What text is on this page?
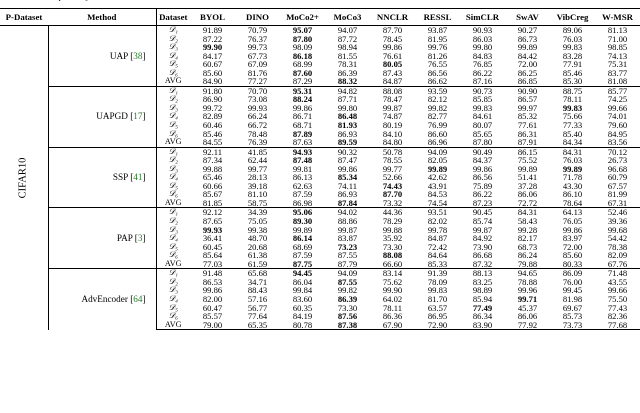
P-Dataset	Method	Dataset	BYOL	DINO	MoCo2+	MoCo3	NNCLR	RESSL	SimCLR	SwAV	VibCreg	W-MSR

CIFAR10	UAP [38]	𝒟₁	91.89	70.79	95.07	94.07	87.70	93.87	90.93	90.27	89.06	81.13
		𝒟₂	87.22	76.37	87.80	87.72	78.45	81.95	86.03	86.73	76.03	71.00
		𝒟₃	99.90	99.73	98.09	98.94	99.86	99.76	99.80	99.89	99.83	98.85
		𝒟₄	84.17	67.73	86.18	81.55	76.61	81.26	84.83	84.42	83.28	74.13
		𝒟₅	60.67	67.09	68.99	78.31	80.05	76.55	76.85	72.00	77.91	75.31
		𝒟₆	85.60	81.76	87.60	86.39	87.43	86.56	86.22	86.25	85.46	83.77
		AVG	84.90	77.27	87.29	88.32	84.87	86.62	87.16	86.85	85.30	81.08
	UAPGD [17]	𝒟₁	91.80	70.70	95.31	94.82	88.08	93.59	90.73	90.90	88.75	85.77
		𝒟₂	86.90	73.08	88.24	87.71	78.47	82.12	85.85	86.57	78.11	74.25
		𝒟₃	99.72	99.93	99.86	99.80	99.87	99.82	99.83	99.97	99.83	99.66
		𝒟₄	82.89	66.24	86.71	86.48	74.87	82.77	84.61	85.32	75.66	74.01
		𝒟₅	60.46	66.72	68.71	81.93	80.19	76.99	80.07	77.61	77.33	79.60
		𝒟₆	85.46	78.48	87.89	86.93	84.10	86.60	85.65	86.31	85.40	84.95
		AVG	84.55	76.39	87.63	89.59	84.80	86.96	87.80	87.91	84.34	83.56
	SSP [41]	𝒟₁	92.11	41.85	94.93	90.32	50.78	94.09	90.49	86.15	84.31	70.12
		𝒟₂	87.34	62.44	87.48	87.47	78.55	82.05	84.37	75.52	76.03	26.73
		𝒟₃	99.88	99.77	99.81	99.86	99.77	99.89	99.86	99.89	99.89	96.68
		𝒟₄	65.46	28.13	86.13	85.34	52.66	42.62	86.56	51.41	71.78	60.79
		𝒟₅	60.66	39.18	62.63	74.11	74.43	43.91	75.89	37.28	43.30	67.57
		𝒟₆	85.67	81.10	87.59	86.93	87.70	84.53	86.22	86.06	86.10	81.99
		AVG	81.85	58.75	86.98	87.84	73.32	74.54	87.23	72.72	78.64	67.31
	PAP [3]	𝒟₁	92.12	34.39	95.06	94.02	44.36	93.51	90.45	84.31	64.13	52.46
		𝒟₂	87.65	75.05	89.30	88.86	78.29	82.02	85.74	58.43	76.05	39.36
		𝒟₃	99.93	99.38	99.89	99.87	99.88	99.78	99.87	99.28	99.86	99.68
		𝒟₄	36.41	48.70	86.14	83.87	35.92	84.87	84.92	82.17	83.97	54.42
		𝒟₅	60.45	20.68	68.69	73.23	73.30	72.42	73.90	68.73	72.00	78.38
		𝒟₆	85.64	61.38	87.59	87.55	88.08	84.64	86.68	86.24	85.60	82.09
		AVG	77.03	61.59	87.75	87.79	66.60	85.33	87.32	79.88	80.33	67.76
	AdvEncoder [64]	𝒟₁	91.48	65.68	94.45	94.09	83.14	91.39	88.13	94.65	86.09	71.48
		𝒟₂	86.53	34.71	86.04	87.55	75.62	78.09	83.25	78.88	76.00	43.55
		𝒟₃	99.86	88.43	99.84	99.82	99.90	99.83	98.89	99.96	99.45	99.66
		𝒟₄	82.00	57.16	83.60	86.39	64.02	81.70	85.94	99.71	81.98	75.50
		𝒟₅	60.47	56.77	60.35	73.30	78.11	63.57	77.49	45.37	69.67	77.43
		𝒟₆	85.57	77.64	84.19	87.56	86.36	86.95	86.34	86.06	85.73	82.36
		AVG	79.00	65.35	80.78	87.38	67.90	72.90	83.90	77.92	73.73	77.68
